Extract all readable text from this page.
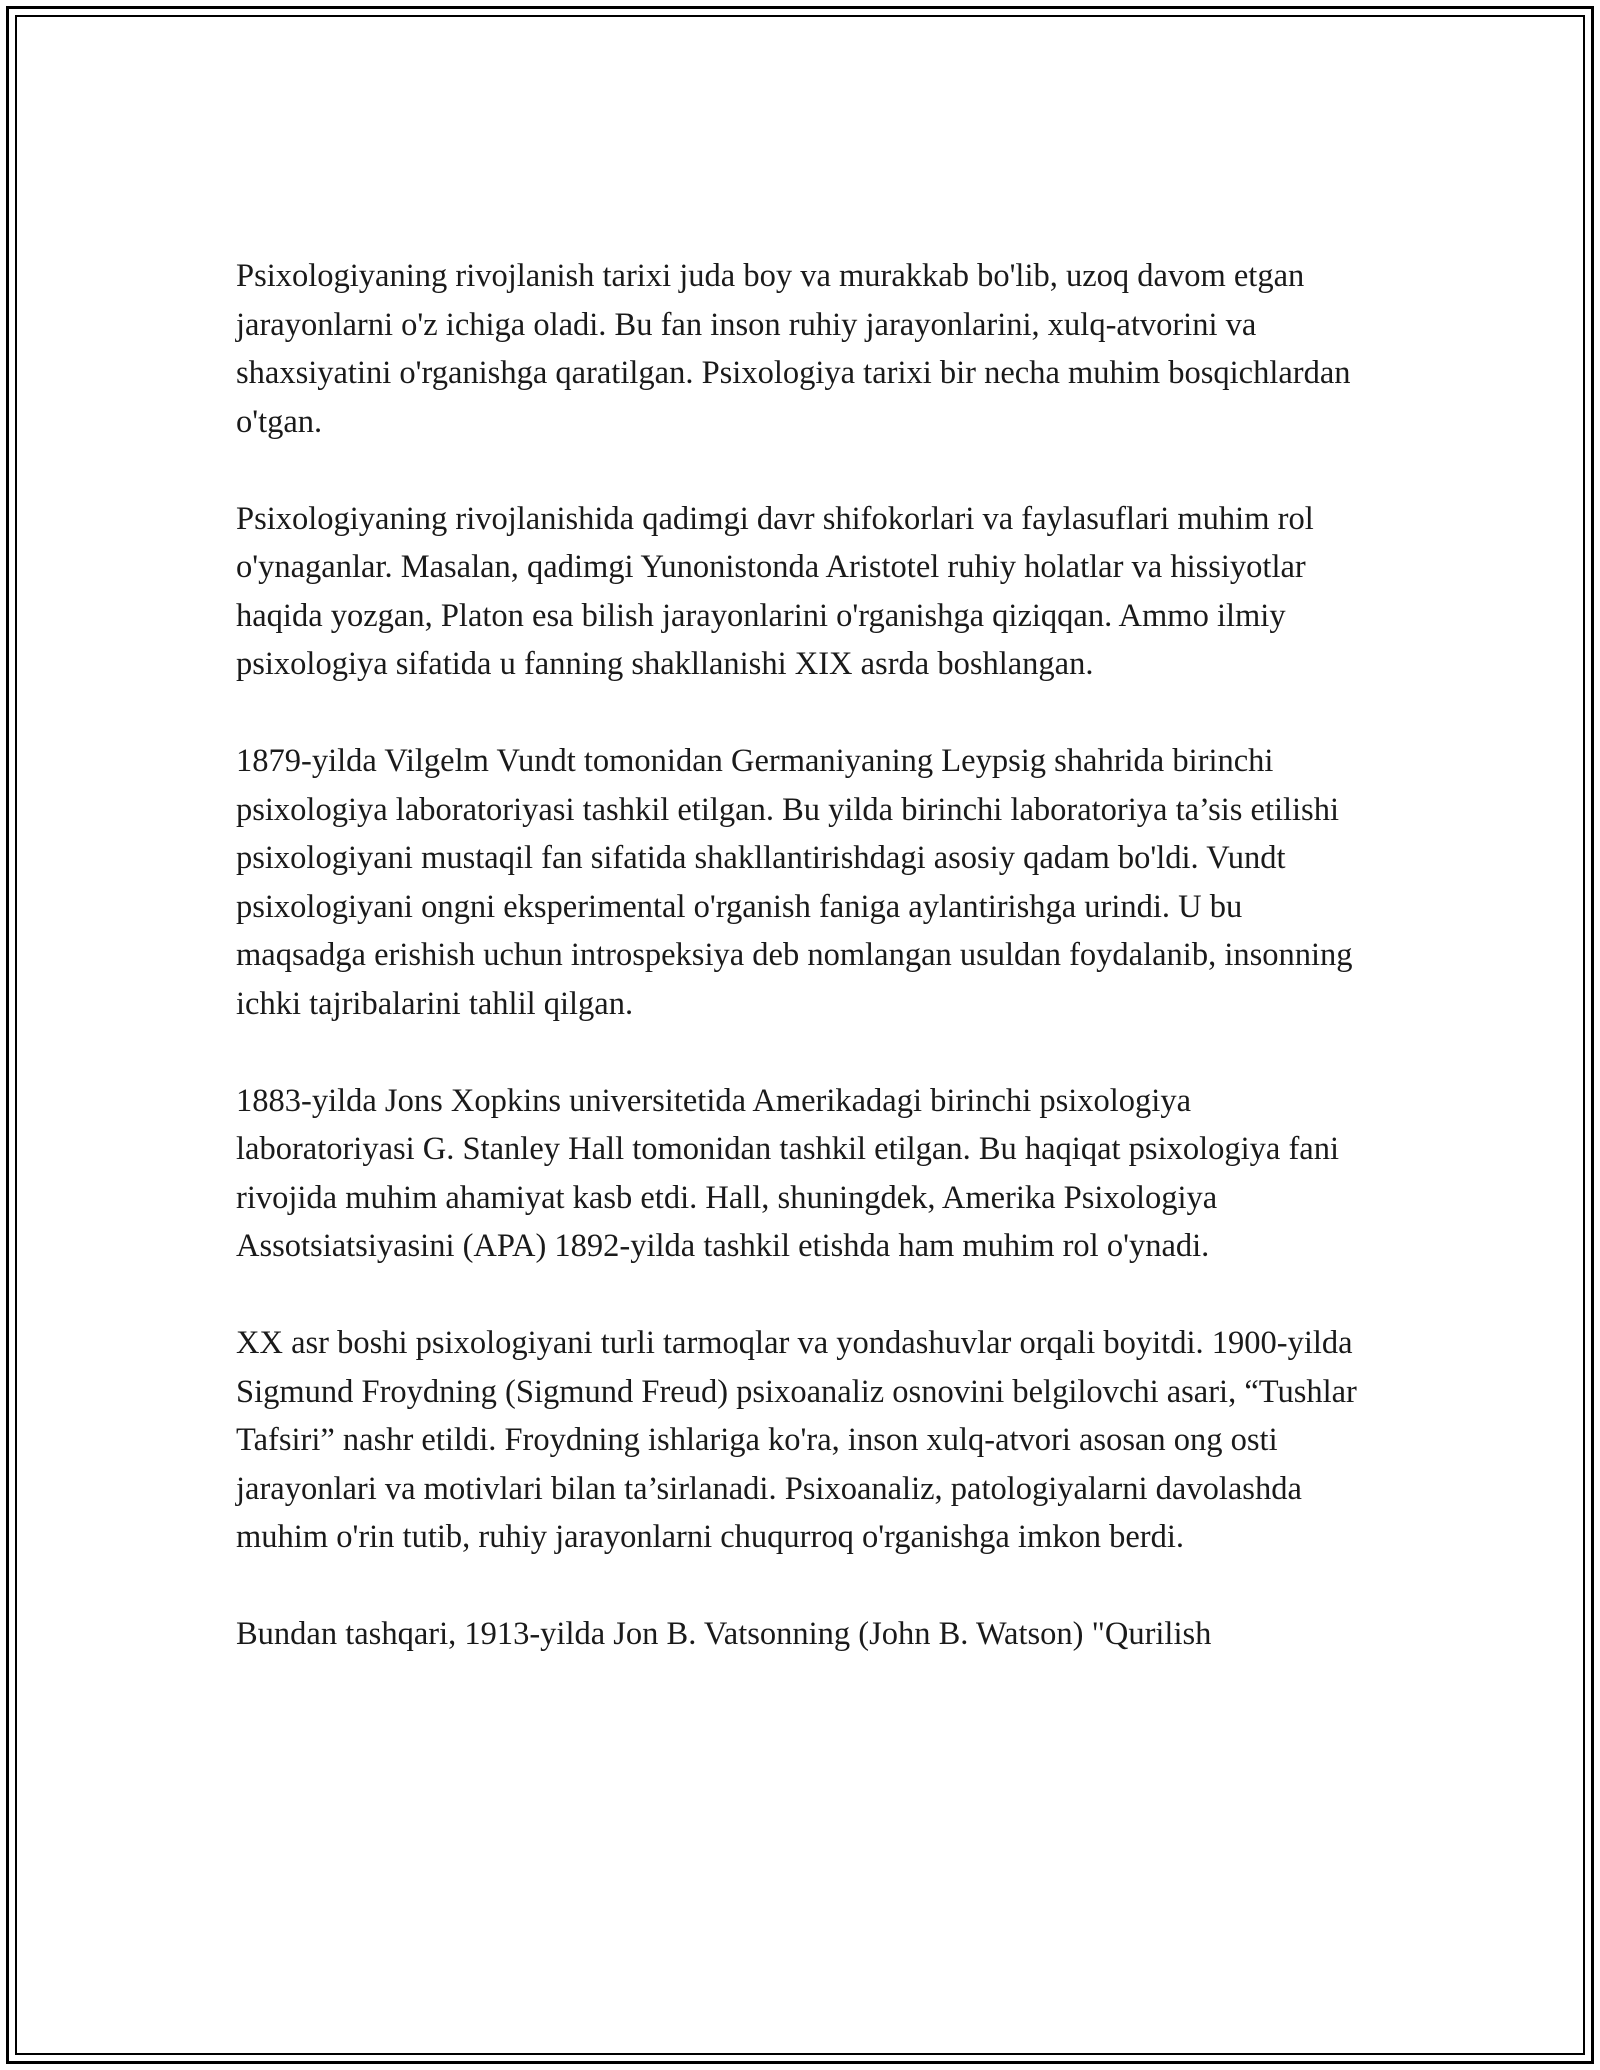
Psixologiyaning rivojlanish tarixi juda boy va murakkab bo'lib, uzoq davom etgan jarayonlarni o'z ichiga oladi. Bu fan inson ruhiy jarayonlarini, xulq-atvorini va shaxsiyatini o'rganishga qaratilgan. Psixologiya tarixi bir necha muhim bosqichlardan o'tgan.

Psixologiyaning rivojlanishida qadimgi davr shifokorlari va faylasuflari muhim rol o'ynaganlar. Masalan, qadimgi Yunonistonda Aristotel ruhiy holatlar va hissiyotlar haqida yozgan, Platon esa bilish jarayonlarini o'rganishga qiziqqan. Ammo ilmiy psixologiya sifatida u fanning shakllanishi XIX asrda boshlangan.

1879-yilda Vilgelm Vundt tomonidan Germaniyaning Leypsig shahrida birinchi psixologiya laboratoriyasi tashkil etilgan. Bu yilda birinchi laboratoriya ta’sis etilishi psixologiyani mustaqil fan sifatida shakllantirishdagi asosiy qadam bo'ldi. Vundt psixologiyani ongni eksperimental o'rganish faniga aylantirishga urindi. U bu maqsadga erishish uchun introspeksiya deb nomlangan usuldan foydalanib, insonning ichki tajribalarini tahlil qilgan.

1883-yilda Jons Xopkins universitetida Amerikadagi birinchi psixologiya laboratoriyasi G. Stanley Hall tomonidan tashkil etilgan. Bu haqiqat psixologiya fani rivojida muhim ahamiyat kasb etdi. Hall, shuningdek, Amerika Psixologiya Assotsiatsiyasini (APA) 1892-yilda tashkil etishda ham muhim rol o'ynadi.

XX asr boshi psixologiyani turli tarmoqlar va yondashuvlar orqali boyitdi. 1900-yilda Sigmund Froydning (Sigmund Freud) psixoanaliz osnovini belgilovchi asari, “Tushlar Tafsiri” nashr etildi. Froydning ishlariga ko'ra, inson xulq-atvori asosan ong osti jarayonlari va motivlari bilan ta’sirlanadi. Psixoanaliz, patologiyalarni davolashda muhim o'rin tutib, ruhiy jarayonlarni chuqurroq o'rganishga imkon berdi.

Bundan tashqari, 1913-yilda Jon B. Vatsonning (John B. Watson) "Qurilish
